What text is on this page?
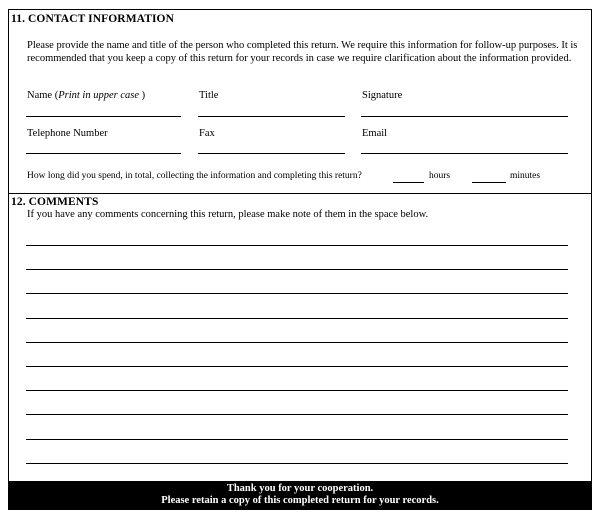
11. CONTACT INFORMATION
Please provide the name and title of the person who completed this return. We require this information for follow-up purposes. It is recommended that you keep a copy of this return for your records in case we require clarification about the information provided.
Name (Print in upper case )	Title	Signature
Telephone Number	Fax	Email
How long did you spend, in total, collecting the information and completing this return?	hours	minutes
12. COMMENTS
If you have any comments concerning this return, please make note of them in the space below.
Thank you for your cooperation.
Please retain a copy of this completed return for your records.
